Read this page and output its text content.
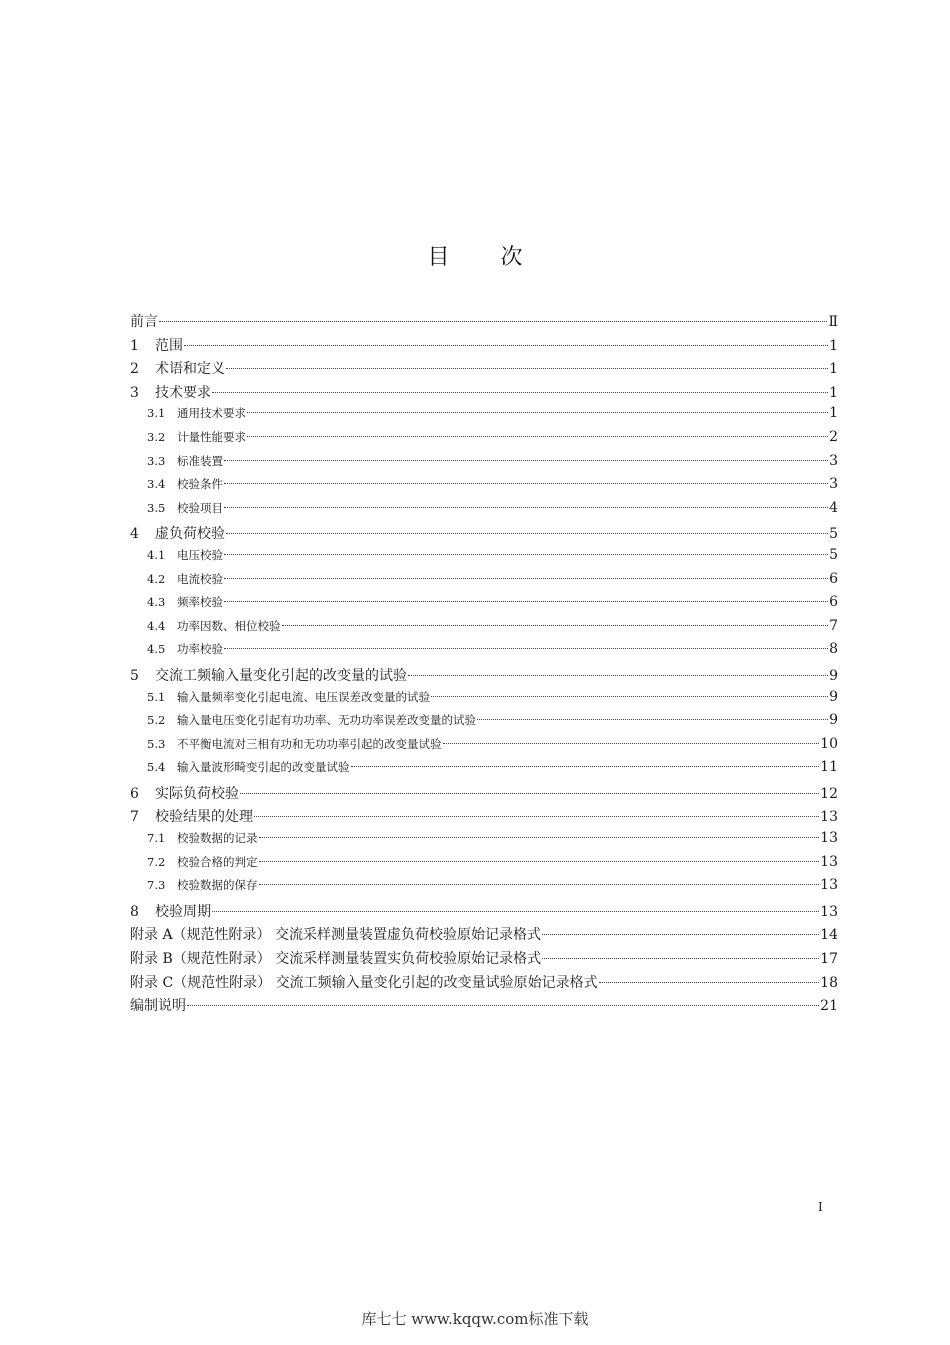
目 次
前言	Ⅱ
1	范围	1
2	术语和定义	1
3	技术要求	1
3.1	通用技术要求	1
3.2	计量性能要求	2
3.3	标准装置	3
3.4	校验条件	3
3.5	校验项目	4
4	虚负荷校验	5
4.1	电压校验	5
4.2	电流校验	6
4.3	频率校验	6
4.4	功率因数、相位校验	7
4.5	功率校验	8
5	交流工频输入量变化引起的改变量的试验	9
5.1	输入量频率变化引起电流、电压误差改变量的试验	9
5.2	输入量电压变化引起有功功率、无功功率误差改变量的试验	9
5.3	不平衡电流对三相有功和无功功率引起的改变量试验	10
5.4	输入量波形畸变引起的改变量试验	11
6	实际负荷校验	12
7	校验结果的处理	13
7.1	校验数据的记录	13
7.2	校验合格的判定	13
7.3	校验数据的保存	13
8	校验周期	13
附录 A（规范性附录） 交流采样测量装置虚负荷校验原始记录格式	14
附录 B（规范性附录） 交流采样测量装置实负荷校验原始记录格式	17
附录 C（规范性附录） 交流工频输入量变化引起的改变量试验原始记录格式	18
编制说明	21
I
库七七 www.kqqw.com标准下载
